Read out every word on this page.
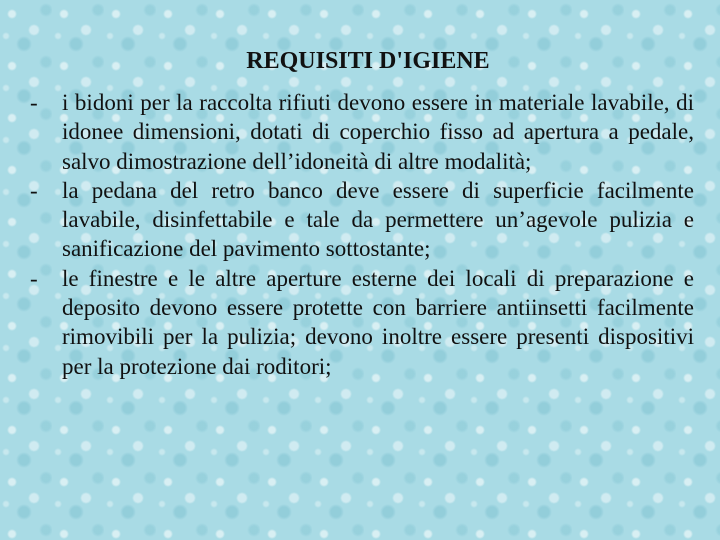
REQUISITI D'IGIENE
- i bidoni per la raccolta rifiuti devono essere in materiale lavabile, di idonee dimensioni, dotati di coperchio fisso ad apertura a pedale, salvo dimostrazione dell’idoneità di altre modalità;
- la pedana del retro banco deve essere di superficie facilmente lavabile, disinfettabile e tale da permettere un’agevole pulizia e sanificazione del pavimento sottostante;
- le finestre e le altre aperture esterne dei locali di preparazione e deposito devono essere protette con barriere antiinsetti facilmente rimovibili per la pulizia; devono inoltre essere presenti dispositivi per la protezione dai roditori;
